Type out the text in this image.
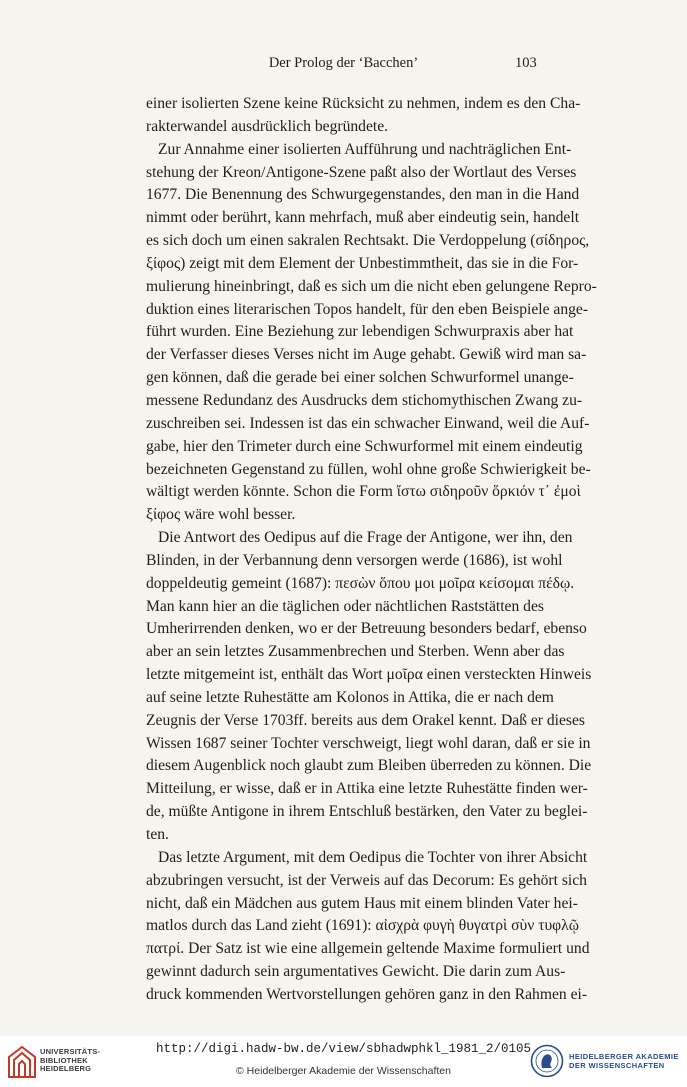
Der Prolog der ‘Bacchen’	103
einer isolierten Szene keine Rücksicht zu nehmen, indem es den Cha-
rakterwandel ausdrücklich begründete.
Zur Annahme einer isolierten Aufführung und nachträglichen Ent-
stehung der Kreon/Antigone-Szene paßt also der Wortlaut des Verses
1677. Die Benennung des Schwurgegenstandes, den man in die Hand
nimmt oder berührt, kann mehrfach, muß aber eindeutig sein, handelt
es sich doch um einen sakralen Rechtsakt. Die Verdoppelung (σίδηρος,
ξίφος) zeigt mit dem Element der Unbestimmtheit, das sie in die For-
mulierung hineinbringt, daß es sich um die nicht eben gelungene Repro-
duktion eines literarischen Topos handelt, für den eben Beispiele ange-
führt wurden. Eine Beziehung zur lebendigen Schwurpraxis aber hat
der Verfasser dieses Verses nicht im Auge gehabt. Gewiß wird man sa-
gen können, daß die gerade bei einer solchen Schwurformel unange-
messene Redundanz des Ausdrucks dem stichomythischen Zwang zu-
zuschreiben sei. Indessen ist das ein schwacher Einwand, weil die Auf-
gabe, hier den Trimeter durch eine Schwurformel mit einem eindeutig
bezeichneten Gegenstand zu füllen, wohl ohne große Schwierigkeit be-
wältigt werden könnte. Schon die Form ἴστω σιδηροῦν ὅρκιόν τ᾽ ἐμοὶ
ξίφος wäre wohl besser.
Die Antwort des Oedipus auf die Frage der Antigone, wer ihn, den
Blinden, in der Verbannung denn versorgen werde (1686), ist wohl
doppeldeutig gemeint (1687): πεσὼν ὅπου μοι μοῖρα κείσομαι πέδῳ.
Man kann hier an die täglichen oder nächtlichen Raststätten des
Umherirrenden denken, wo er der Betreuung besonders bedarf, ebenso
aber an sein letztes Zusammenbrechen und Sterben. Wenn aber das
letzte mitgemeint ist, enthält das Wort μοῖρα einen versteckten Hinweis
auf seine letzte Ruhestätte am Kolonos in Attika, die er nach dem
Zeugnis der Verse 1703ff. bereits aus dem Orakel kennt. Daß er dieses
Wissen 1687 seiner Tochter verschweigt, liegt wohl daran, daß er sie in
diesem Augenblick noch glaubt zum Bleiben überreden zu können. Die
Mitteilung, er wisse, daß er in Attika eine letzte Ruhestätte finden wer-
de, müßte Antigone in ihrem Entschluß bestärken, den Vater zu beglei-
ten.
Das letzte Argument, mit dem Oedipus die Tochter von ihrer Absicht
abzubringen versucht, ist der Verweis auf das Decorum: Es gehört sich
nicht, daß ein Mädchen aus gutem Haus mit einem blinden Vater hei-
matlos durch das Land zieht (1691): αἰσχρὰ φυγὴ θυγατρὶ σὺν τυφλῷ
πατρί. Der Satz ist wie eine allgemein geltende Maxime formuliert und
gewinnt dadurch sein argumentatives Gewicht. Die darin zum Aus-
druck kommenden Wertvorstellungen gehören ganz in den Rahmen ei-
UNIVERSITÄTS-
BIBLIOTHEK
HEIDELBERG
http://digi.hadw-bw.de/view/sbhadwphkl_1981_2/0105
© Heidelberger Akademie der Wissenschaften
HEIDELBERGER AKADEMIE
DER WISSENSCHAFTEN
